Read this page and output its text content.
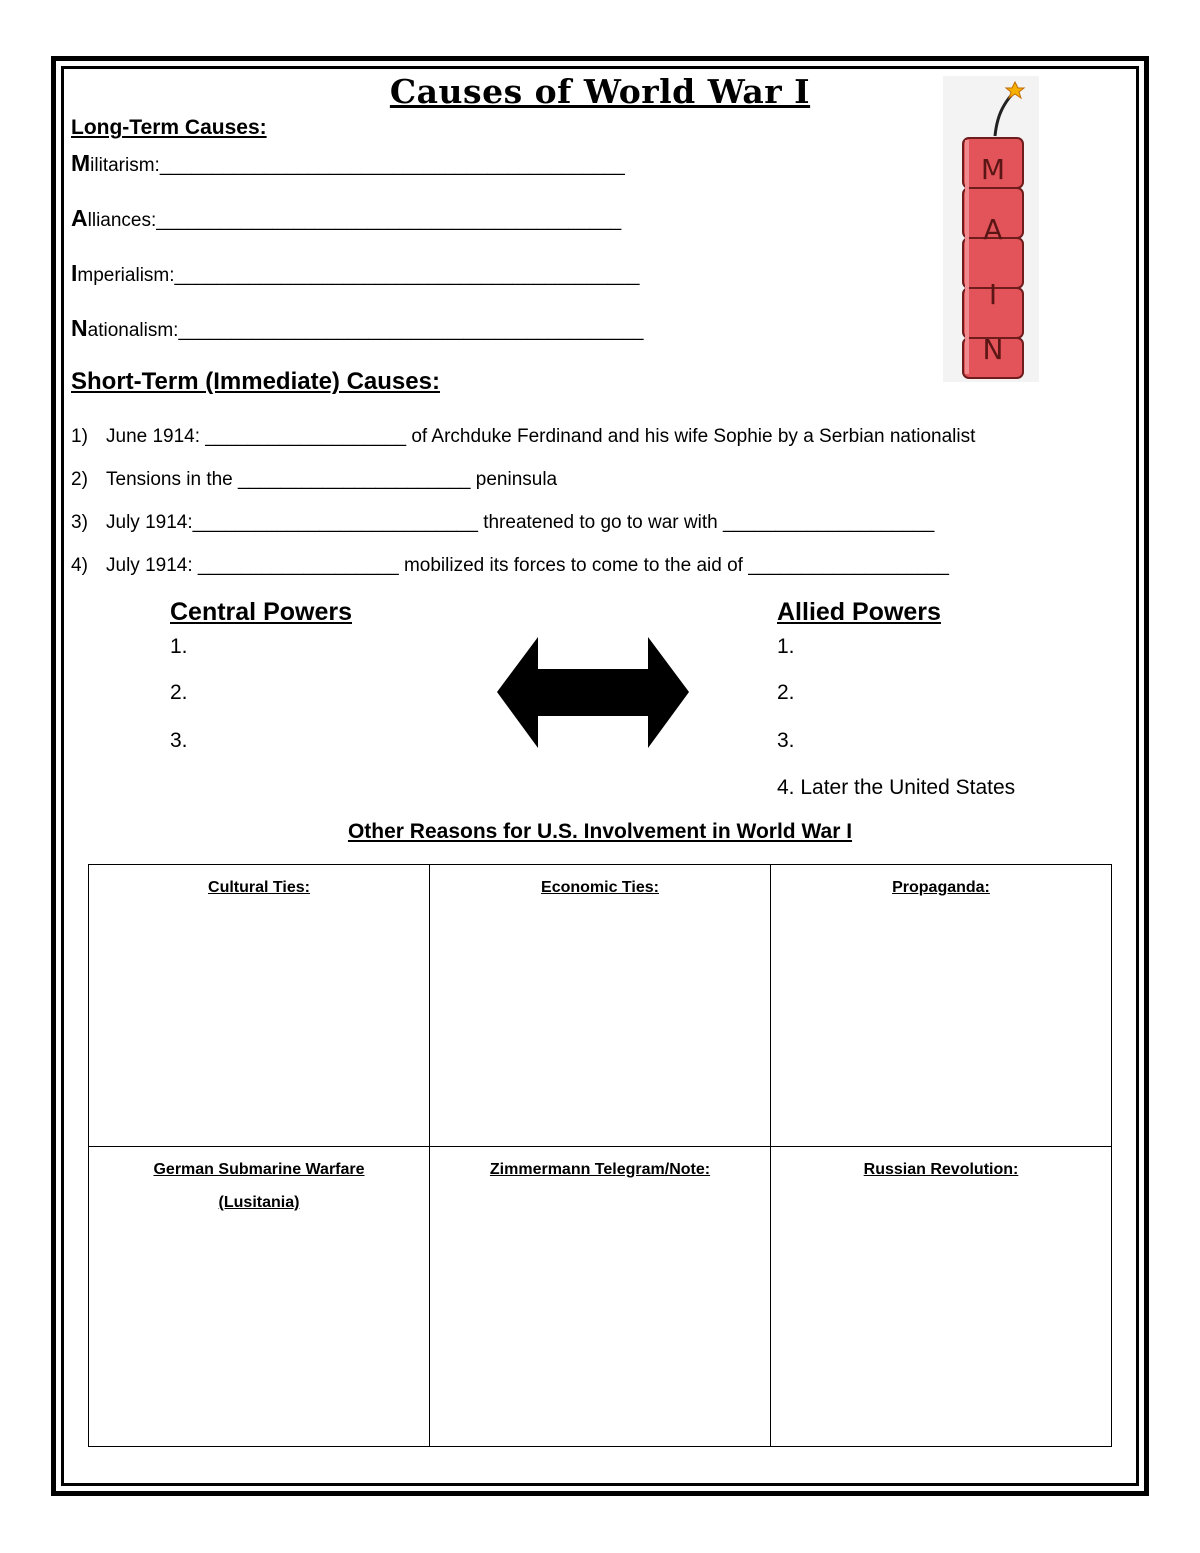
Causes of World War I
Long-Term Causes:
Militarism:____________________________________________
Alliances:____________________________________________
Imperialism:____________________________________________
Nationalism:____________________________________________
M
A
I
N
Short-Term (Immediate) Causes:
1) June 1914: ___________________ of Archduke Ferdinand and his wife Sophie by a Serbian nationalist
2) Tensions in the ______________________ peninsula
3) July 1914:___________________________ threatened to go to war with ____________________
4) July 1914: ___________________ mobilized its forces to come to the aid of ___________________
Central Powers
1.
2.
3.
Allied Powers
1.
2.
3.
4. Later the United States
Other Reasons for U.S. Involvement in World War I
Cultural Ties:	Economic Ties:	Propaganda:

German Submarine Warfare
(Lusitania)	Zimmermann Telegram/Note:	Russian Revolution:
